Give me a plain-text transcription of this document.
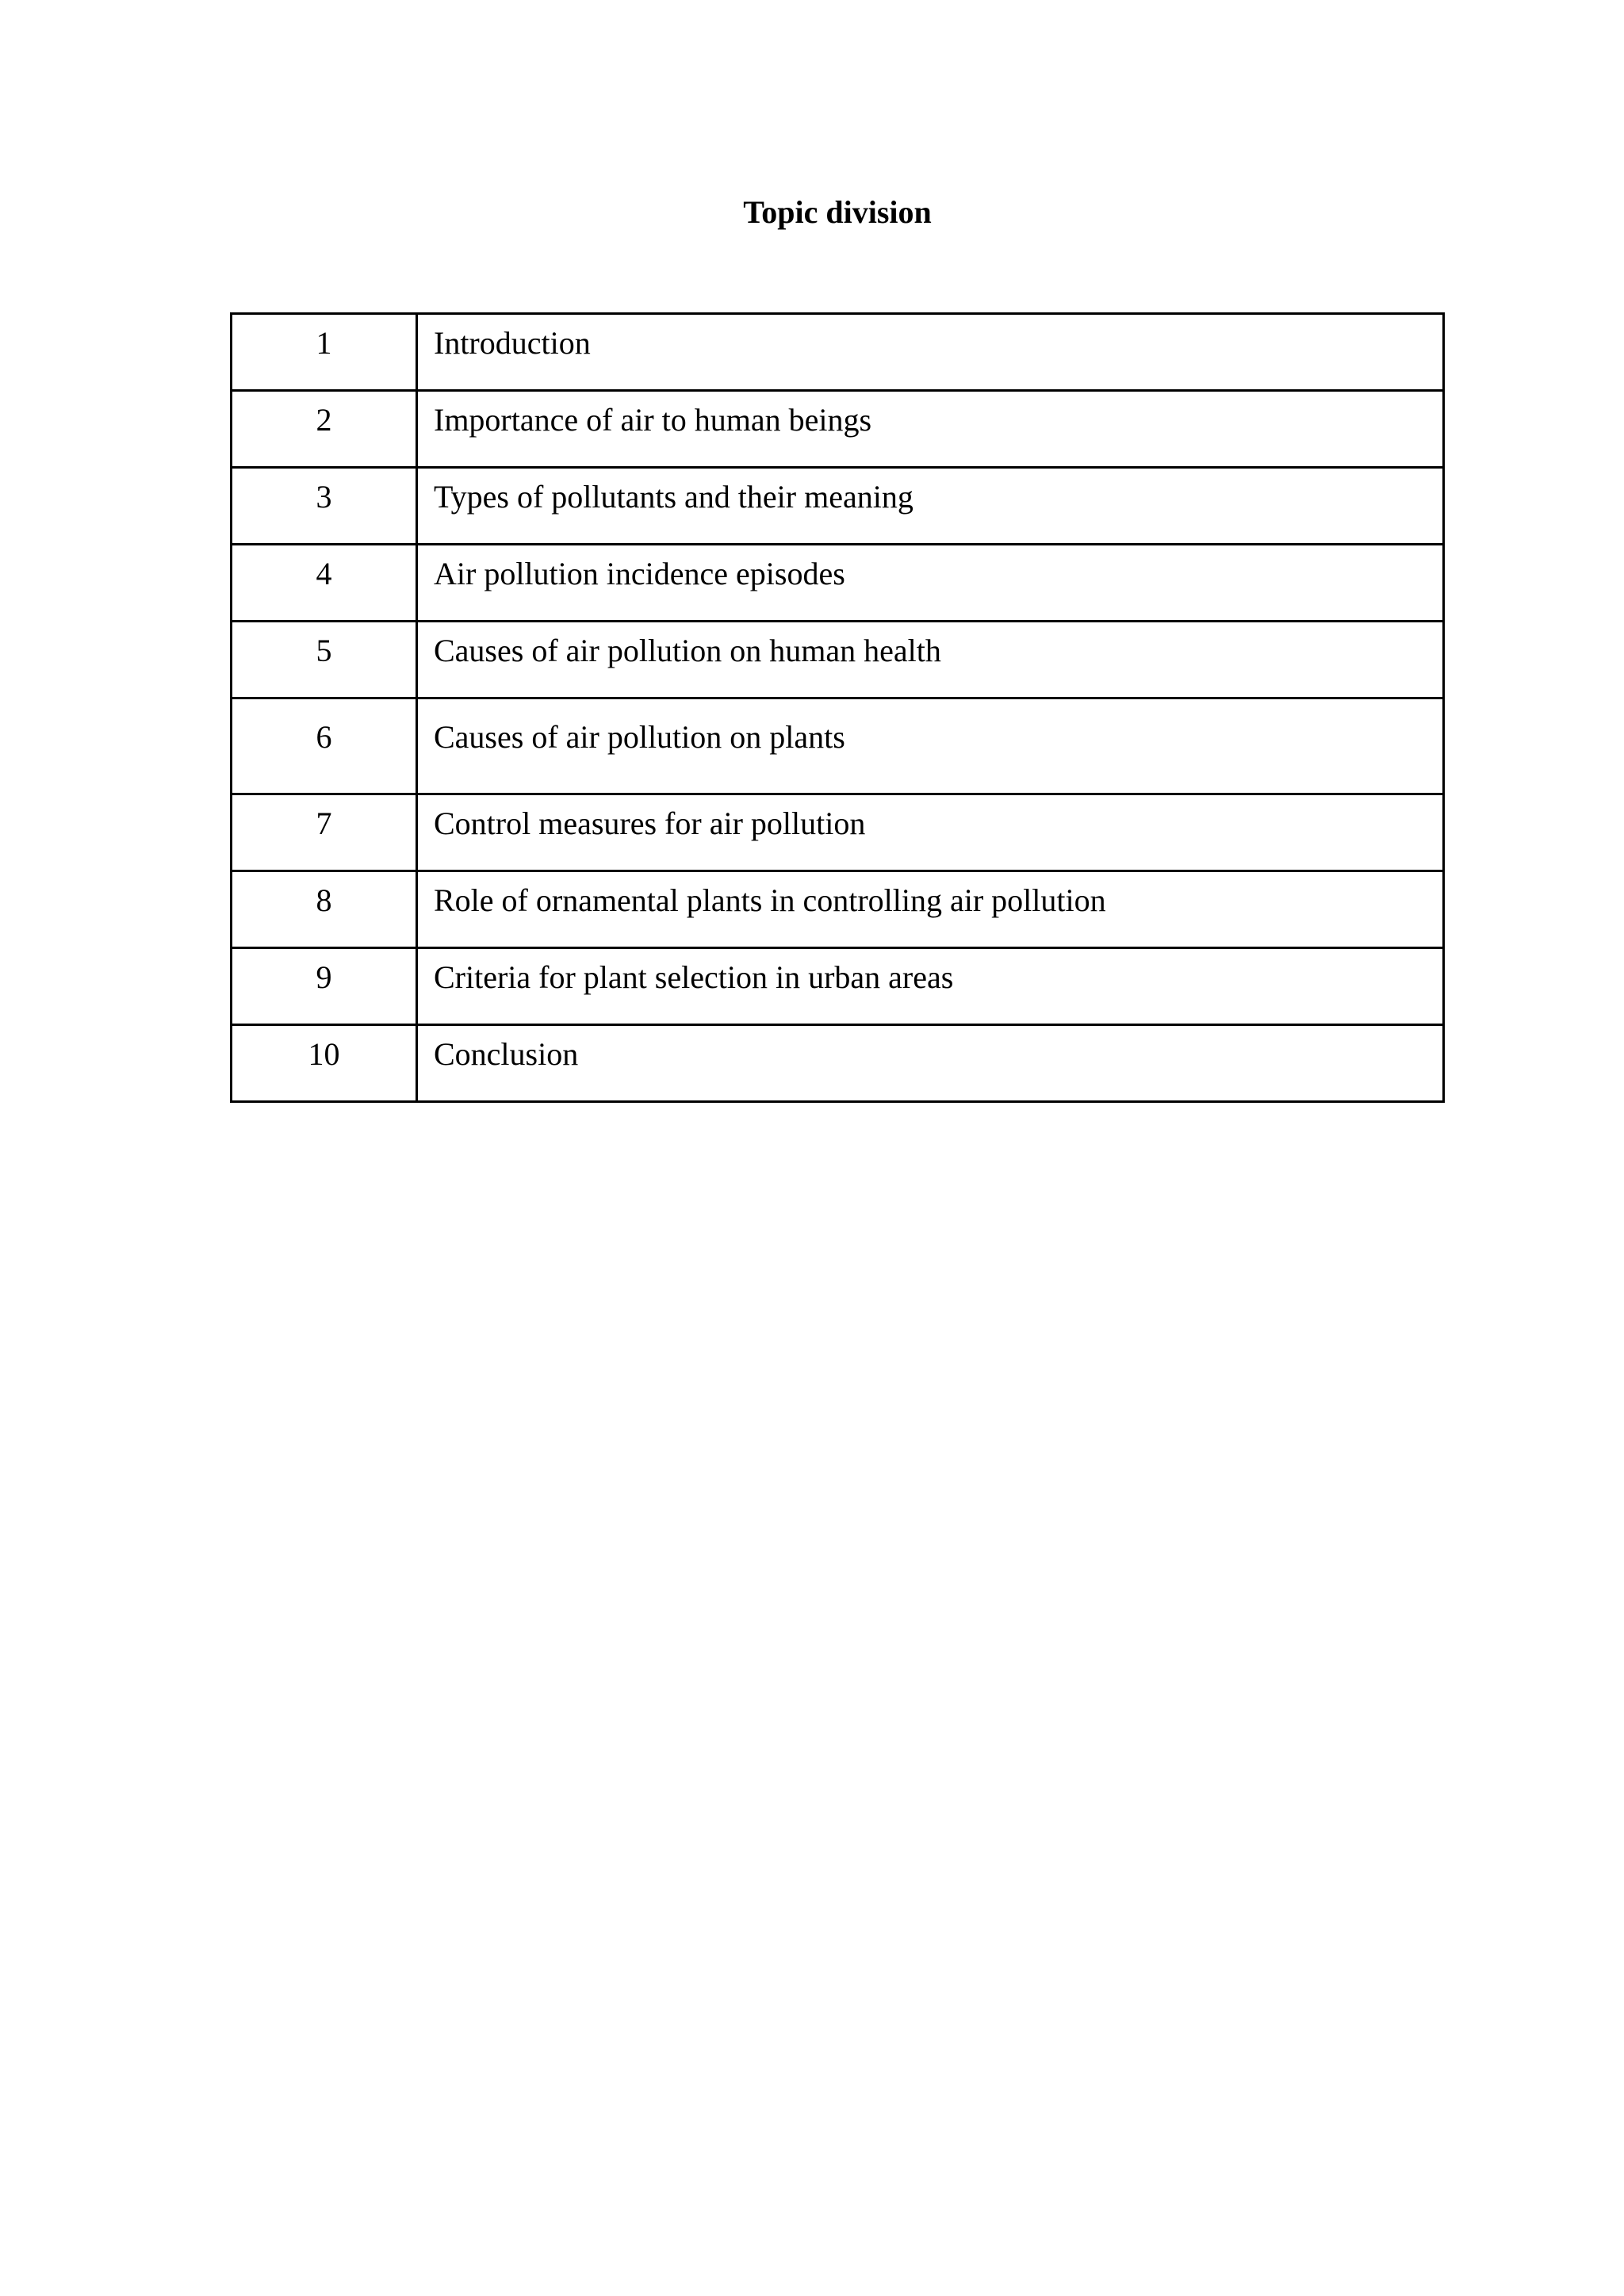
Topic division
1	Introduction
2	Importance of air to human beings
3	Types of pollutants and their meaning
4	Air pollution incidence episodes
5	Causes of air pollution on human health
6	Causes of air pollution on plants
7	Control measures for air pollution
8	Role of ornamental plants in controlling air pollution
9	Criteria for plant selection in urban areas
10	Conclusion
